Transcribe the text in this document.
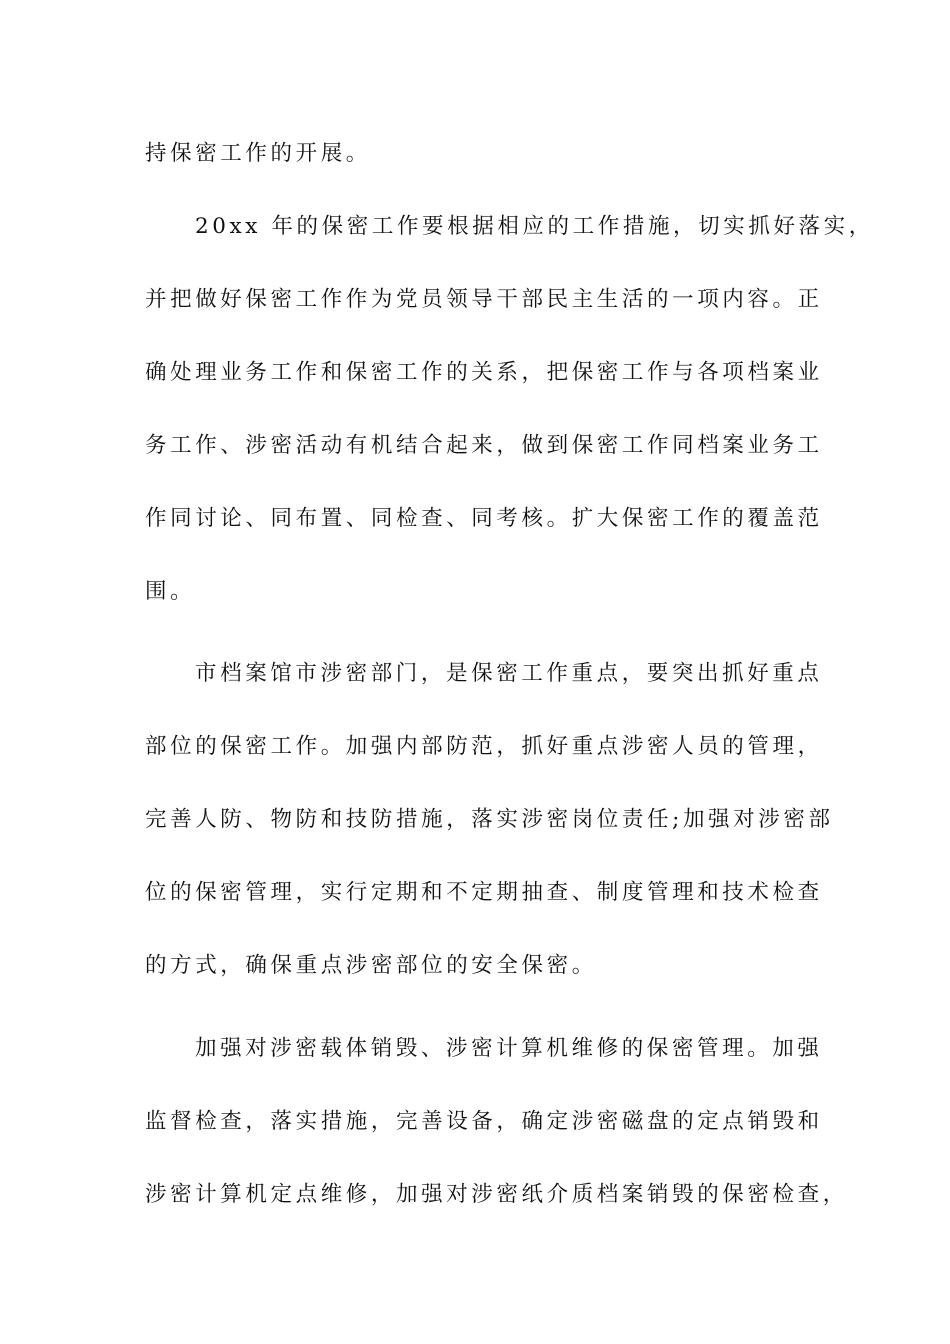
持保密工作的开展。
20xx 年的保密工作要根据相应的工作措施，切实抓好落实，
并把做好保密工作作为党员领导干部民主生活的一项内容。正
确处理业务工作和保密工作的关系，把保密工作与各项档案业
务工作、涉密活动有机结合起来，做到保密工作同档案业务工
作同讨论、同布置、同检查、同考核。扩大保密工作的覆盖范
围。
市档案馆市涉密部门，是保密工作重点，要突出抓好重点
部位的保密工作。加强内部防范，抓好重点涉密人员的管理，
完善人防、物防和技防措施，落实涉密岗位责任;加强对涉密部
位的保密管理，实行定期和不定期抽查、制度管理和技术检查
的方式，确保重点涉密部位的安全保密。
加强对涉密载体销毁、涉密计算机维修的保密管理。加强
监督检查，落实措施，完善设备，确定涉密磁盘的定点销毁和
涉密计算机定点维修，加强对涉密纸介质档案销毁的保密检查，
